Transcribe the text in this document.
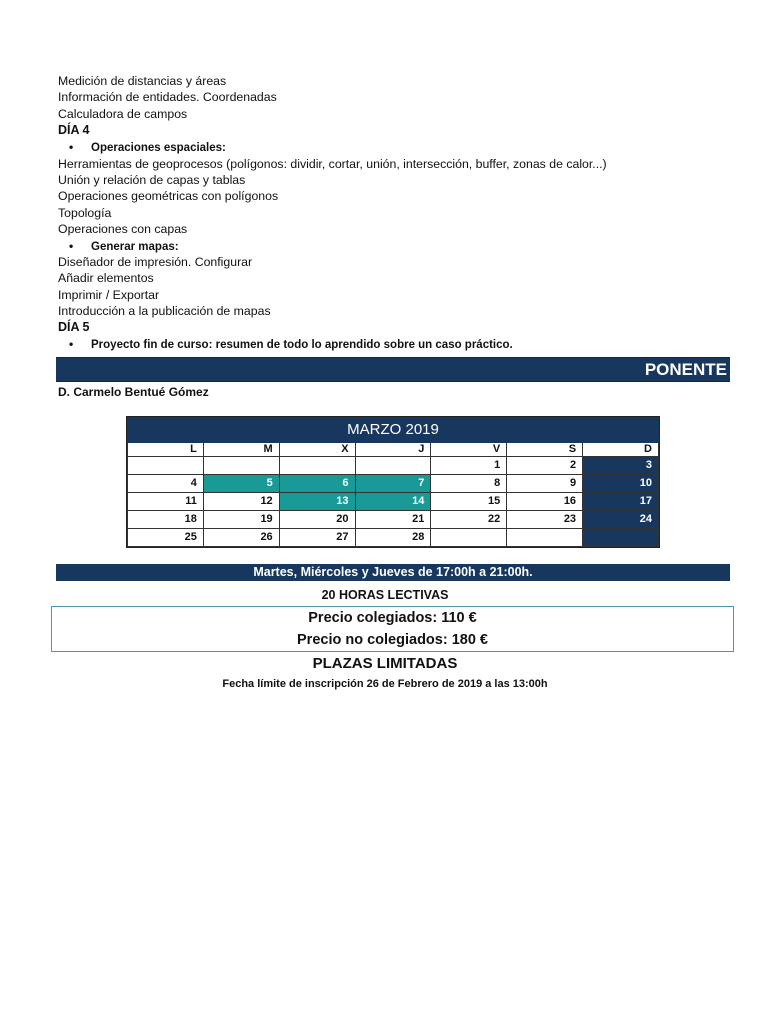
Medición de distancias y áreas
Información de entidades. Coordenadas
Calculadora de campos
DÍA 4
• Operaciones espaciales:
Herramientas de geoprocesos (polígonos: dividir, cortar, unión, intersección, buffer, zonas de calor...)
Unión y relación de capas y tablas
Operaciones geométricas con polígonos
Topología
Operaciones con capas
• Generar mapas:
Diseñador de impresión. Configurar
Añadir elementos
Imprimir / Exportar
Introducción a la publicación de mapas
DÍA 5
• Proyecto fin de curso: resumen de todo lo aprendido sobre un caso práctico.
PONENTE
D. Carmelo Bentué Gómez
MARZO 2019
L	M	X	J	V	S	D
				1	2	3
4	5	6	7	8	9	10
11	12	13	14	15	16	17
18	19	20	21	22	23	24
25	26	27	28			
Martes, Miércoles y Jueves de 17:00h a 21:00h.
20 HORAS LECTIVAS
Precio colegiados: 110 €
Precio no colegiados: 180 €
PLAZAS LIMITADAS
Fecha límite de inscripción 26 de Febrero de 2019 a las 13:00h
